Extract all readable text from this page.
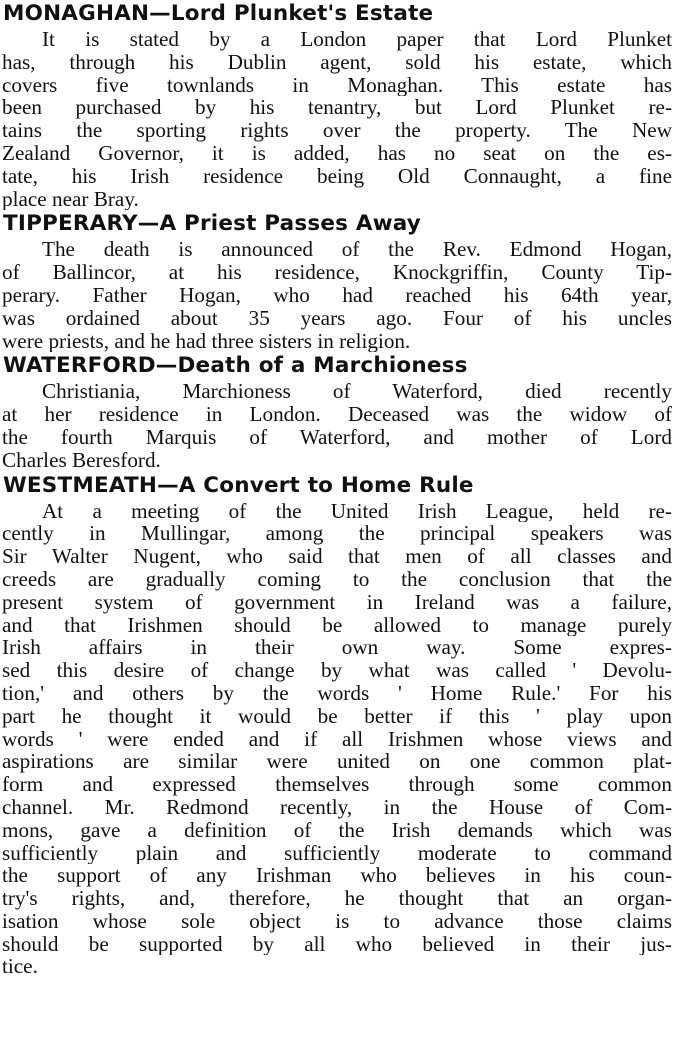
MONAGHAN—Lord Plunket's Estate
It is stated by a London paper that Lord Plunket
has, through his Dublin agent, sold his estate, which
covers five townlands in Monaghan. This estate has
been purchased by his tenantry, but Lord Plunket re-
tains the sporting rights over the property. The New
Zealand Governor, it is added, has no seat on the es-
tate, his Irish residence being Old Connaught, a fine
place near Bray.
TIPPERARY—A Priest Passes Away
The death is announced of the Rev. Edmond Hogan,
of Ballincor, at his residence, Knockgriffin, County Tip-
perary. Father Hogan, who had reached his 64th year,
was ordained about 35 years ago. Four of his uncles
were priests, and he had three sisters in religion.
WATERFORD—Death of a Marchioness
Christiania, Marchioness of Waterford, died recently
at her residence in London. Deceased was the widow of
the fourth Marquis of Waterford, and mother of Lord
Charles Beresford.
WESTMEATH—A Convert to Home Rule
At a meeting of the United Irish League, held re-
cently in Mullingar, among the principal speakers was
Sir Walter Nugent, who said that men of all classes and
creeds are gradually coming to the conclusion that the
present system of government in Ireland was a failure,
and that Irishmen should be allowed to manage purely
Irish affairs in their own way. Some expres-
sed this desire of change by what was called ' Devolu-
tion,' and others by the words ' Home Rule.' For his
part he thought it would be better if this ' play upon
words ' were ended and if all Irishmen whose views and
aspirations are similar were united on one common plat-
form and expressed themselves through some common
channel. Mr. Redmond recently, in the House of Com-
mons, gave a definition of the Irish demands which was
sufficiently plain and sufficiently moderate to command
the support of any Irishman who believes in his coun-
try's rights, and, therefore, he thought that an organ-
isation whose sole object is to advance those claims
should be supported by all who believed in their jus-
tice.
